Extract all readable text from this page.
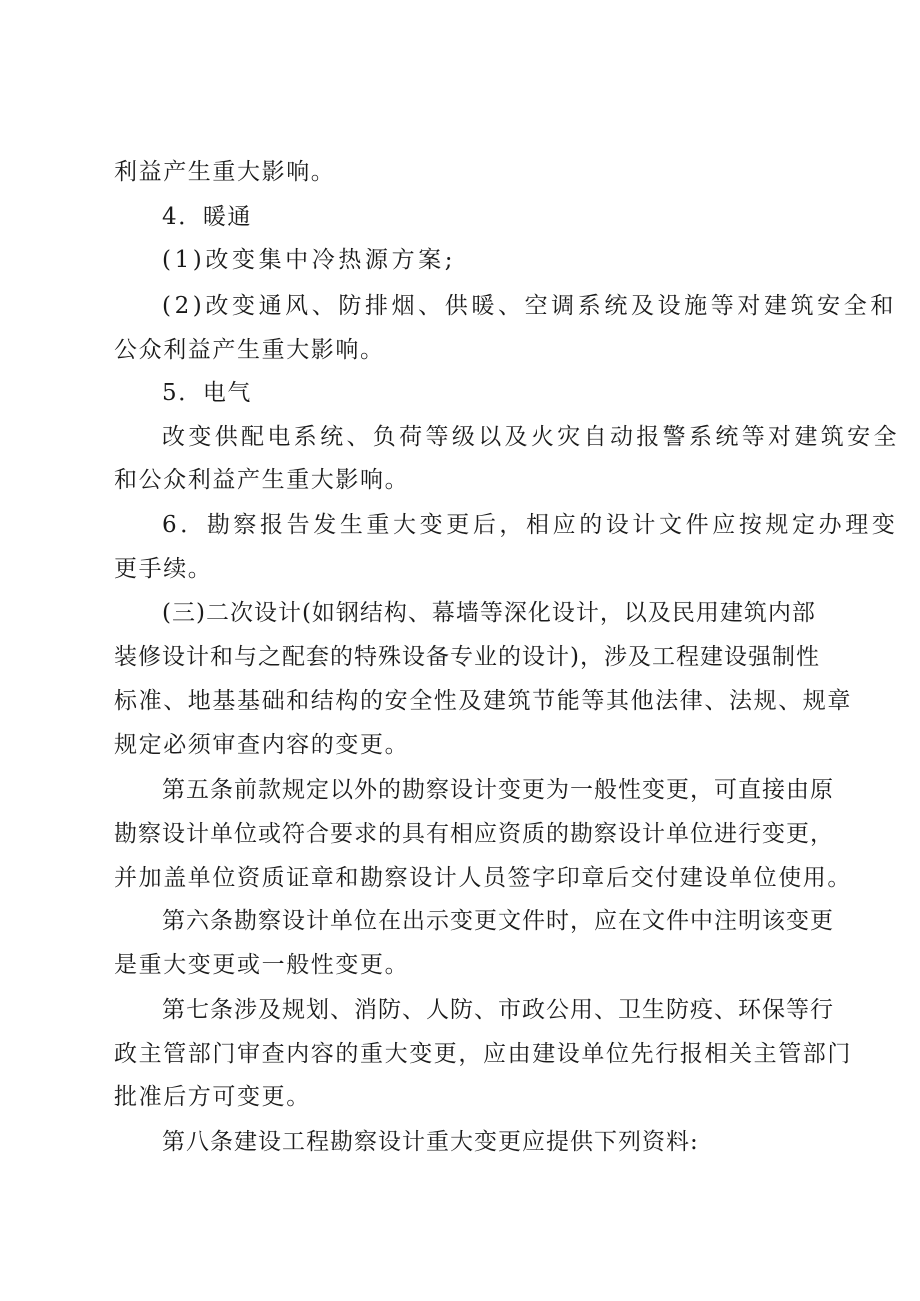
利益产生重大影响。
4．暖通
(1)改变集中冷热源方案;
(2)改变通风、防排烟、供暖、空调系统及设施等对建筑安全和
公众利益产生重大影响。
5．电气
改变供配电系统、负荷等级以及火灾自动报警系统等对建筑安全
和公众利益产生重大影响。
6．勘察报告发生重大变更后，相应的设计文件应按规定办理变
更手续。
(三)二次设计(如钢结构、幕墙等深化设计，以及民用建筑内部
装修设计和与之配套的特殊设备专业的设计)，涉及工程建设强制性
标准、地基基础和结构的安全性及建筑节能等其他法律、法规、规章
规定必须审查内容的变更。
第五条前款规定以外的勘察设计变更为一般性变更，可直接由原
勘察设计单位或符合要求的具有相应资质的勘察设计单位进行变更，
并加盖单位资质证章和勘察设计人员签字印章后交付建设单位使用。
第六条勘察设计单位在出示变更文件时，应在文件中注明该变更
是重大变更或一般性变更。
第七条涉及规划、消防、人防、市政公用、卫生防疫、环保等行
政主管部门审查内容的重大变更，应由建设单位先行报相关主管部门
批准后方可变更。
第八条建设工程勘察设计重大变更应提供下列资料:
